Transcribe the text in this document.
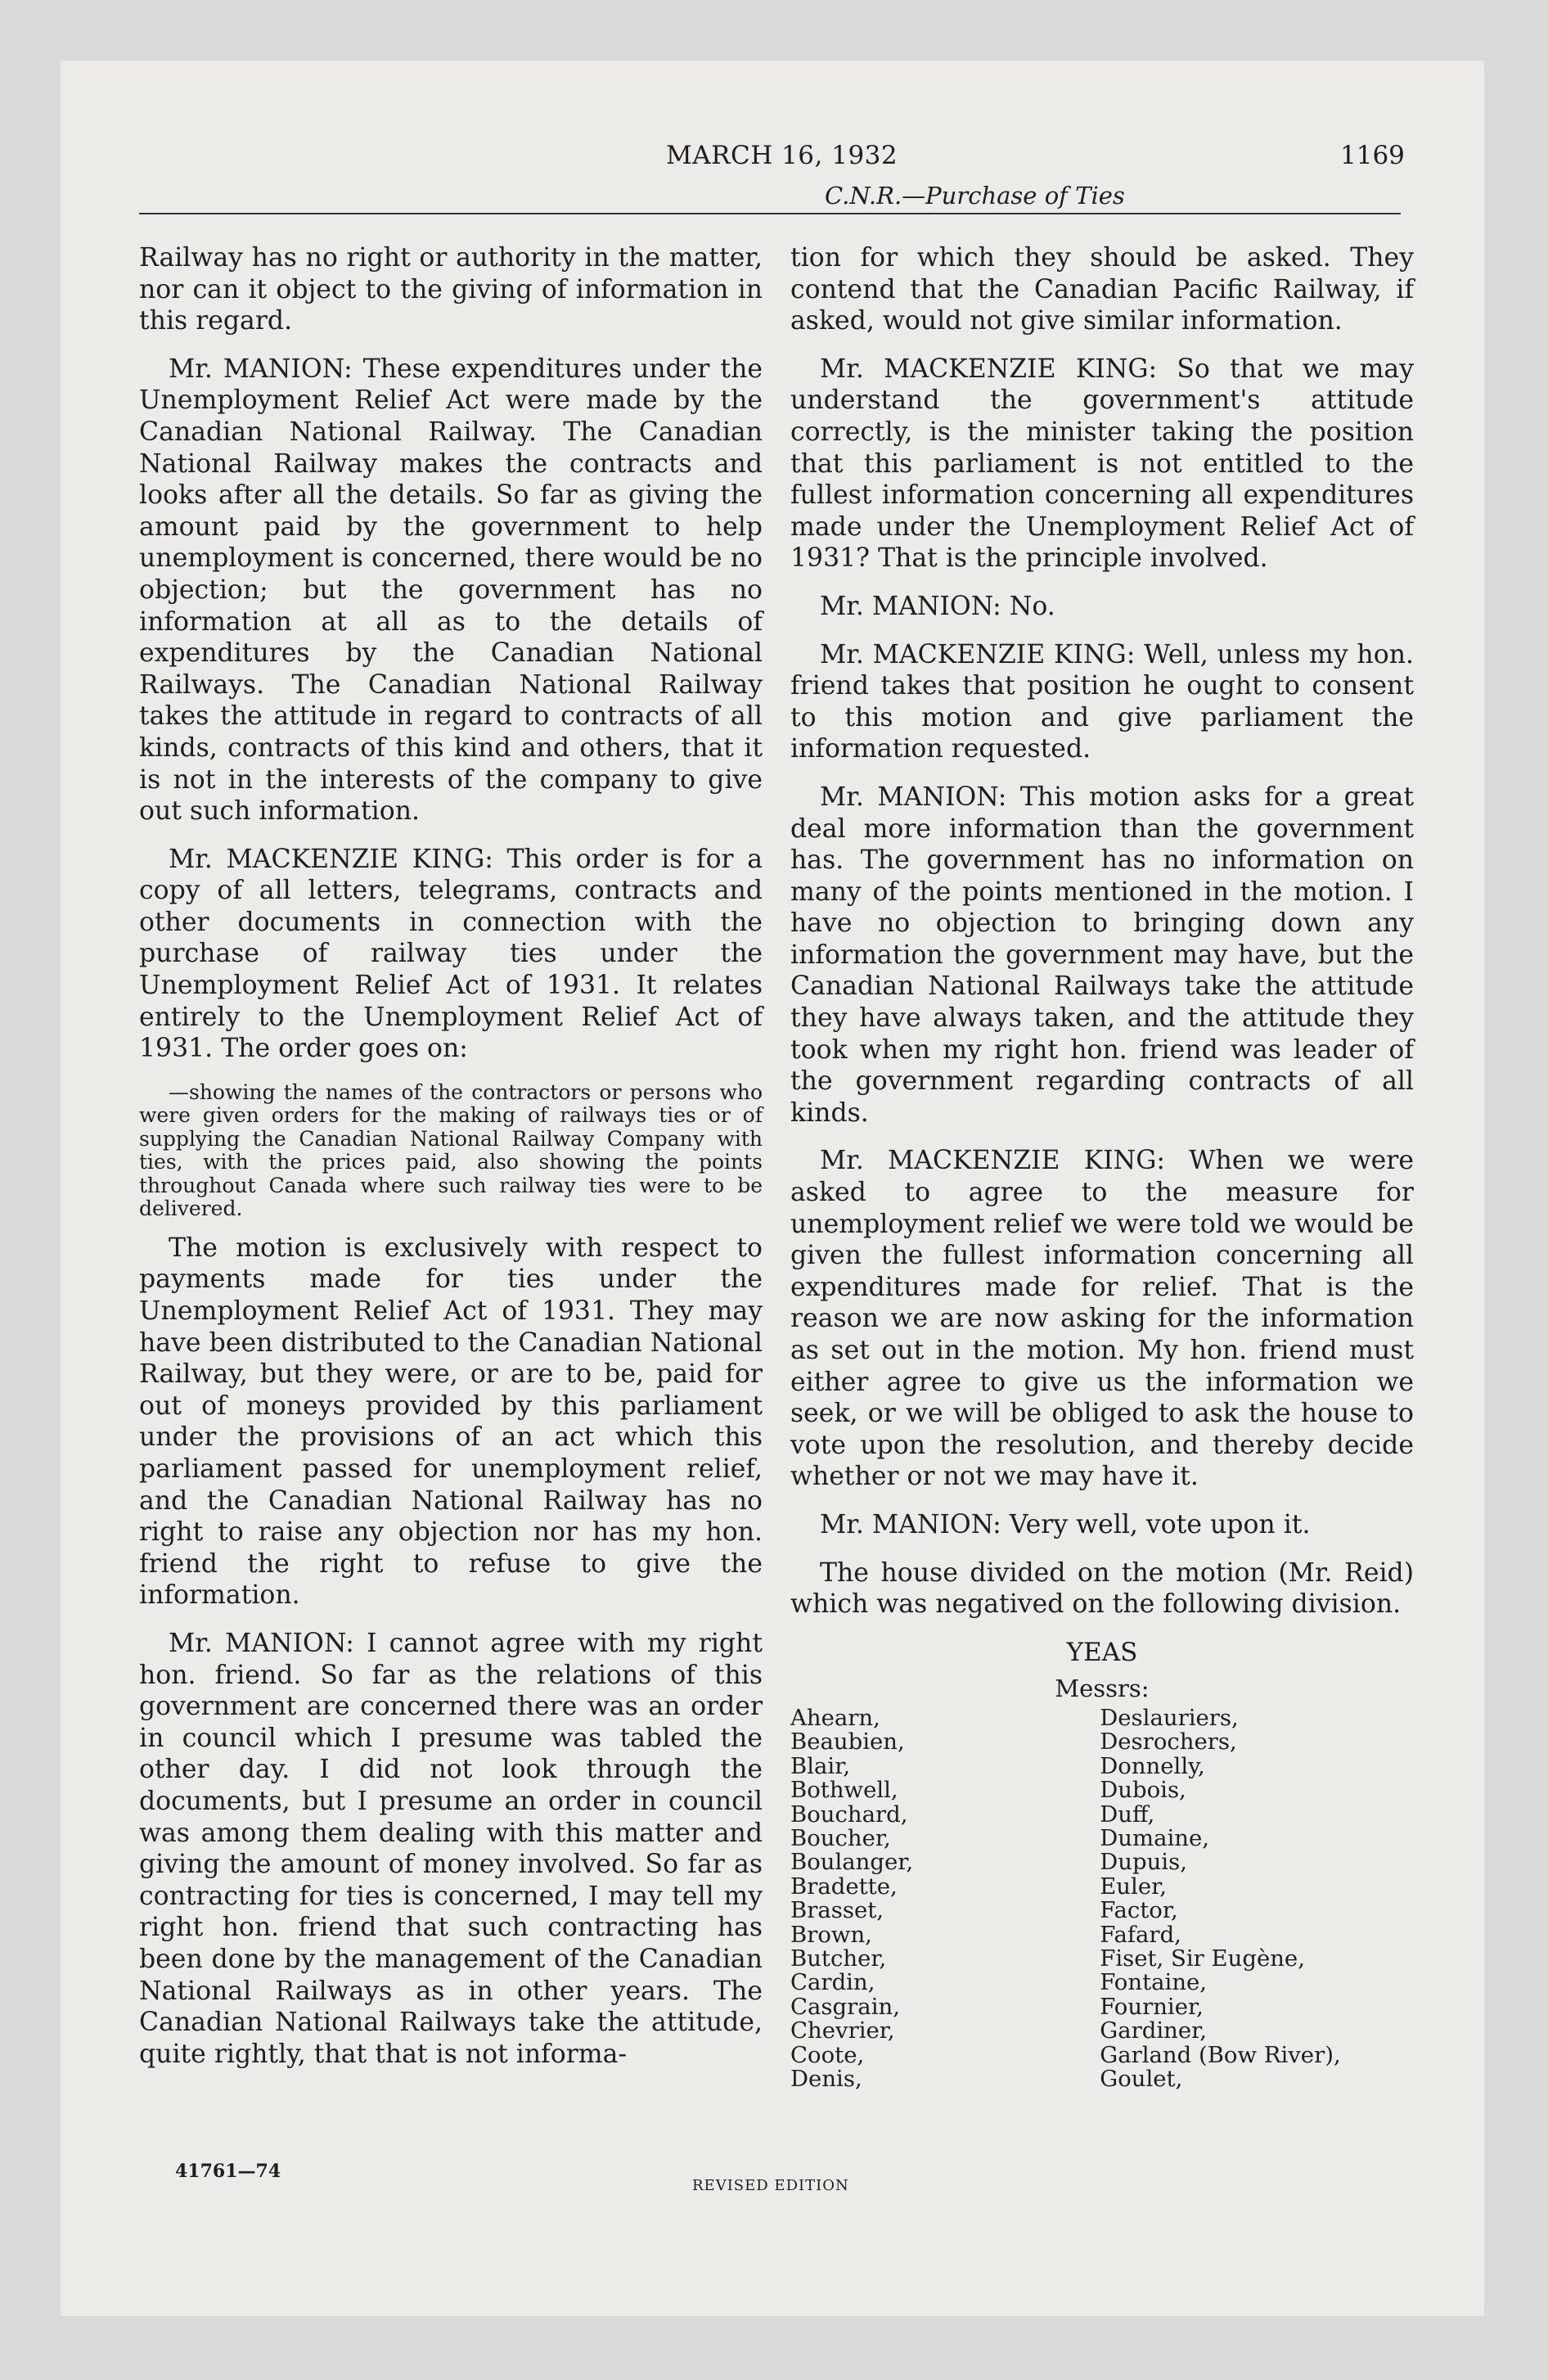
MARCH 16, 1932	1169
C.N.R.—Purchase of Ties

Railway has no right or authority in the matter, nor can it object to the giving of information in this regard.

Mr. MANION: These expenditures under the Unemployment Relief Act were made by the Canadian National Railway. The Canadian National Railway makes the contracts and looks after all the details. So far as giving the amount paid by the government to help unemployment is concerned, there would be no objection; but the government has no information at all as to the details of expenditures by the Canadian National Railways. The Canadian National Railway takes the attitude in regard to contracts of all kinds, contracts of this kind and others, that it is not in the interests of the company to give out such information.

Mr. MACKENZIE KING: This order is for a copy of all letters, telegrams, contracts and other documents in connection with the purchase of railway ties under the Unemployment Relief Act of 1931. It relates entirely to the Unemployment Relief Act of 1931. The order goes on:

—showing the names of the contractors or persons who were given orders for the making of railways ties or of supplying the Canadian National Railway Company with ties, with the prices paid, also showing the points throughout Canada where such railway ties were to be delivered.

The motion is exclusively with respect to payments made for ties under the Unemployment Relief Act of 1931. They may have been distributed to the Canadian National Railway, but they were, or are to be, paid for out of moneys provided by this parliament under the provisions of an act which this parliament passed for unemployment relief, and the Canadian National Railway has no right to raise any objection nor has my hon. friend the right to refuse to give the information.

Mr. MANION: I cannot agree with my right hon. friend. So far as the relations of this government are concerned there was an order in council which I presume was tabled the other day. I did not look through the documents, but I presume an order in council was among them dealing with this matter and giving the amount of money involved. So far as contracting for ties is concerned, I may tell my right hon. friend that such contracting has been done by the management of the Canadian National Railways as in other years. The Canadian National Railways take the attitude, quite rightly, that that is not informa-

tion for which they should be asked. They contend that the Canadian Pacific Railway, if asked, would not give similar information.

Mr. MACKENZIE KING: So that we may understand the government's attitude correctly, is the minister taking the position that this parliament is not entitled to the fullest information concerning all expenditures made under the Unemployment Relief Act of 1931? That is the principle involved.

Mr. MANION: No.

Mr. MACKENZIE KING: Well, unless my hon. friend takes that position he ought to consent to this motion and give parliament the information requested.

Mr. MANION: This motion asks for a great deal more information than the government has. The government has no information on many of the points mentioned in the motion. I have no objection to bringing down any information the government may have, but the Canadian National Railways take the attitude they have always taken, and the attitude they took when my right hon. friend was leader of the government regarding contracts of all kinds.

Mr. MACKENZIE KING: When we were asked to agree to the measure for unemployment relief we were told we would be given the fullest information concerning all expenditures made for relief. That is the reason we are now asking for the information as set out in the motion. My hon. friend must either agree to give us the information we seek, or we will be obliged to ask the house to vote upon the resolution, and thereby decide whether or not we may have it.

Mr. MANION: Very well, vote upon it.

The house divided on the motion (Mr. Reid) which was negatived on the following division.

YEAS
Messrs:
Ahearn,
Beaubien,
Blair,
Bothwell,
Bouchard,
Boucher,
Boulanger,
Bradette,
Brasset,
Brown,
Butcher,
Cardin,
Casgrain,
Chevrier,
Coote,
Denis,
Deslauriers,
Desrochers,
Donnelly,
Dubois,
Duff,
Dumaine,
Dupuis,
Euler,
Factor,
Fafard,
Fiset, Sir Eugène,
Fontaine,
Fournier,
Gardiner,
Garland (Bow River),
Goulet,
41761—74
REVISED EDITION
